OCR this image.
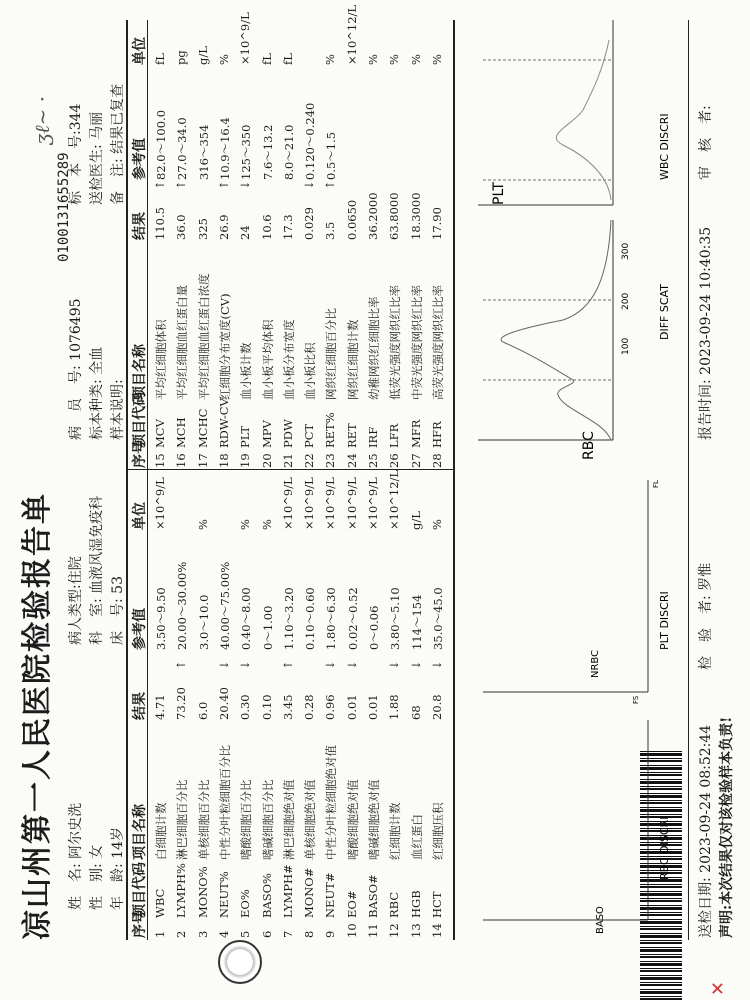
✕
凉山州第一人民医院检验报告单
0100131655289
姓　名: 阿尔史洗
性　别: 女
年　龄: 14岁
病人类型:住院
科　室: 血液风湿免疫科
床　号: 53
病　员　号: 1076495
标本种类: 全血
样本说明:
标　本　号:344
送检医生: 马丽
备　注: 结果已复查
ʒℓ~ ·
序号
项目代码
项目名称
结果
参考值
单位
序号
项目代码
项目名称
结果
参考值
单位
1
WBC
白细胞计数
4.71
3.50～9.50
×10^9/L
2
LYMPH%
淋巴细胞百分比
73.20
20.00～30.00%
↑
3
MONO%
单核细胞百分比
6.0
3.0～10.0
%
4
NEUT%
中性分叶粒细胞百分比
20.40
40.00～75.00%
↓
5
EO%
嗜酸细胞百分比
0.30
0.40～8.00
%
↓
6
BASO%
嗜碱细胞百分比
0.10
0～1.00
%
7
LYMPH#
淋巴细胞绝对值
3.45
1.10～3.20
×10^9/L
↑
8
MONO#
单核细胞绝对值
0.28
0.10～0.60
×10^9/L
9
NEUT#
中性分叶粒细胞绝对值
0.96
1.80～6.30
×10^9/L
↓
10
EO#
嗜酸细胞绝对值
0.01
0.02～0.52
×10^9/L
↓
11
BASO#
嗜碱细胞绝对值
0.01
0～0.06
×10^9/L
12
RBC
红细胞计数
1.88
3.80～5.10
×10^12/L
↓
13
HGB
血红蛋白
68
114～154
g/L
↓
14
HCT
红细胞压积
20.8
35.0～45.0
%
↓
15
MCV
平均红细胞体积
110.5
82.0～100.0
fL
↑
16
MCH
平均红细胞血红蛋白量
36.0
27.0～34.0
pg
↑
17
MCHC
平均红细胞血红蛋白浓度
325
316～354
g/L
18
RDW-CV
红细胞分布宽度(CV)
26.9
10.9～16.4
%
↑
19
PLT
血小板计数
24
125～350
×10^9/L
↓
20
MPV
血小板平均体积
10.6
7.6～13.2
fL
21
PDW
血小板分布宽度
17.3
8.0～21.0
fL
22
PCT
血小板比积
0.029
0.120～0.240
↓
23
RET%
网织红细胞百分比
3.5
0.5～1.5
%
↑
24
RET
网织红细胞计数
0.0650
×10^12/L
25
IRF
幼稚网织红细胞比率
36.2000
%
26
LFR
低荧光强度网织红比率
63.8000
%
27
MFR
中荧光强度网织红比率
18.3000
%
28
HFR
高荧光强度网织红比率
17.90
%
BASO
RBC DISCRI
NRBC
FS
FL
PLT DISCRI
RBC
100
200
300
DIFF SCAT
PLT
WBC DISCRI
送检日期: 2023-09-24 08:52:44
检　验　者: 罗惟
报告时间: 2023-09-24 10:40:35
审　核　者:
声明:本次结果仅对该检验样本负责!
